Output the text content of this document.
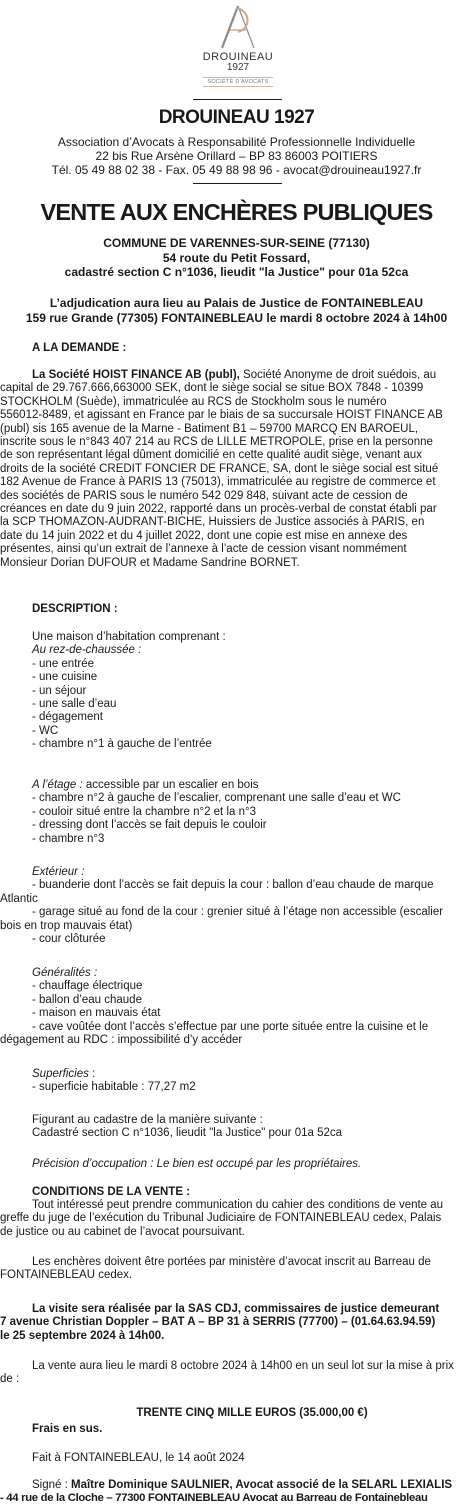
DROUINEAU
1927
SOCIÉTÉ D'AVOCATS
DROUINEAU 1927
Association d’Avocats à Responsabilité Professionnelle Individuelle
22 bis Rue Arsène Orillard – BP 83 86003 POITIERS
Tél. 05 49 88 02 38 - Fax. 05 49 88 98 96 - avocat@drouineau1927.fr
VENTE AUX ENCHÈRES PUBLIQUES
COMMUNE DE VARENNES-SUR-SEINE (77130)
54 route du Petit Fossard,
cadastré section C n°1036, lieudit "la Justice" pour 01a 52ca
L’adjudication aura lieu au Palais de Justice de FONTAINEBLEAU
159 rue Grande (77305) FONTAINEBLEAU le mardi 8 octobre 2024 à 14h00
A LA DEMANDE :

La Société HOIST FINANCE AB (publ), Société Anonyme de droit suédois, au

capital de 29.767.666,663000 SEK, dont le siège social se situe BOX 7848 - 10399

STOCKHOLM (Suède), immatriculée au RCS de Stockholm sous le numéro

556012-8489, et agissant en France par le biais de sa succursale HOIST FINANCE AB

(publ) sis 165 avenue de la Marne - Batiment B1 – 59700 MARCQ EN BAROEUL,

inscrite sous le n°843 407 214 au RCS de LILLE METROPOLE, prise en la personne

de son représentant légal dûment domicilié en cette qualité audit siège, venant aux

droits de la société CREDIT FONCIER DE FRANCE, SA, dont le siège social est situé

182 Avenue de France à PARIS 13 (75013), immatriculée au registre de commerce et

des sociétés de PARIS sous le numéro 542 029 848, suivant acte de cession de

créances en date du 9 juin 2022, rapporté dans un procès-verbal de constat établi par

la SCP THOMAZON-AUDRANT-BICHE, Huissiers de Justice associés à PARIS, en

date du 14 juin 2022 et du 4 juillet 2022, dont une copie est mise en annexe des

présentes, ainsi qu’un extrait de l’annexe à l’acte de cession visant nommément

Monsieur Dorian DUFOUR et Madame Sandrine BORNET.

DESCRIPTION :

Une maison d’habitation comprenant :

Au rez-de-chaussée :

- une entrée

- une cuisine

- un séjour

- une salle d’eau

- dégagement

- WC

- chambre n°1 à gauche de l’entrée

A l’étage : accessible par un escalier en bois

- chambre n°2 à gauche de l’escalier, comprenant une salle d’eau et WC

- couloir situé entre la chambre n°2 et la n°3

- dressing dont l’accès se fait depuis le couloir

- chambre n°3

Extérieur :

- buanderie dont l’accès se fait depuis la cour : ballon d’eau chaude de marque

Atlantic

- garage situé au fond de la cour : grenier situé à l’étage non accessible (escalier

bois en trop mauvais état)

- cour clôturée

Généralités :

- chauffage électrique

- ballon d’eau chaude

- maison en mauvais état

- cave voûtée dont l’accès s’effectue par une porte située entre la cuisine et le

dégagement au RDC : impossibilité d’y accéder

Superficies :

- superficie habitable : 77,27 m2

Figurant au cadastre de la manière suivante :

Cadastré section C n°1036, lieudit "la Justice" pour 01a 52ca

Précision d’occupation : Le bien est occupé par les propriétaires.
CONDITIONS DE LA VENTE :

Tout intéressé peut prendre communication du cahier des conditions de vente au

greffe du juge de l’exécution du Tribunal Judiciaire de FONTAINEBLEAU cedex, Palais

de justice ou au cabinet de l’avocat poursuivant.

Les enchères doivent être portées par ministère d’avocat inscrit au Barreau de

FONTAINEBLEAU cedex.

La visite sera réalisée par la SAS CDJ, commissaires de justice demeurant

7 avenue Christian Doppler – BAT A – BP 31 à SERRIS (77700) – (01.64.63.94.59)

le 25 septembre 2024 à 14h00.

La vente aura lieu le mardi 8 octobre 2024 à 14h00 en un seul lot sur la mise à prix

de :

TRENTE CINQ MILLE EUROS (35.000,00 €)
Frais en sus.
Fait à FONTAINEBLEAU, le 14 août 2024

Signé : Maître Dominique SAULNIER, Avocat associé de la SELARL LEXIALIS

- 44 rue de la Cloche – 77300 FONTAINEBLEAU Avocat au Barreau de Fontainebleau
